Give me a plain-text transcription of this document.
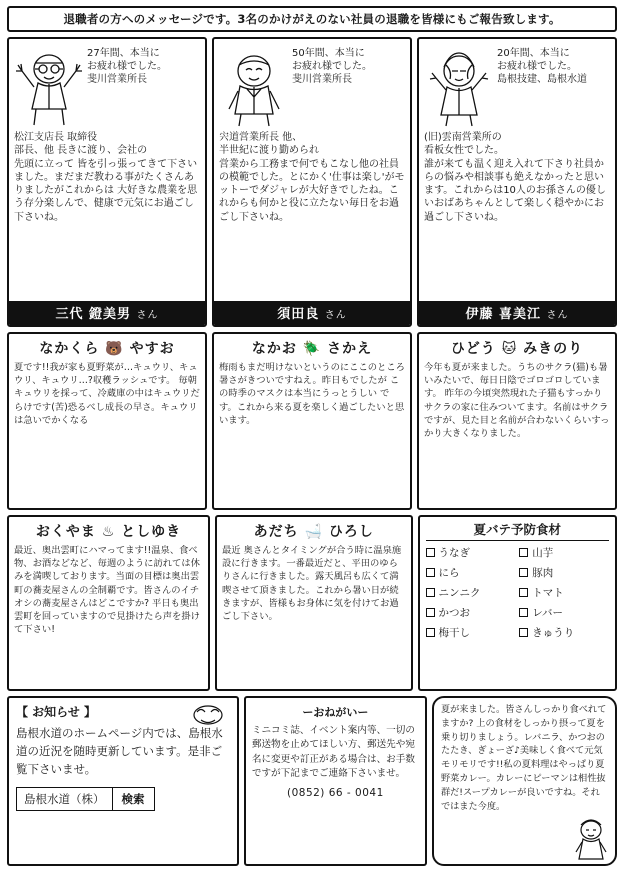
退職者の方へのメッセージです。3名のかけがえのない社員の退職を皆様にもご報告致します。
27年間、本当に
お疲れ様でした。
斐川営業所長
松江支店長 取締役
部長、他 長きに渡り、会社の
先頭に立って 皆を引っ張ってきて下さいました。まだまだ教わる事がたくさんありましたがこれからは 大好きな農業を思う存分楽しんで、健康で元気にお過ごし下さいね。
三代 鐙美男 さん
50年間、本当に
お疲れ様でした。
斐川営業所長
宍道営業所長 他、
半世紀に渡り勤められ
営業から工務まで何でもこなし他の社員の模範でした。とにかく'仕事は楽し'がモットーでダジャレが大好きでしたね。これからも何かと役に立たない毎日をお過ごし下さいね。
須田良 さん
20年間、本当に
お疲れ様でした。
島根技建、島根水道
(旧)雲南営業所の
看板女性でした。
誰が来ても温く迎え入れて下さり社員からの悩みや相談事も絶えなかったと思います。これからは10人のお孫さんの優しいおばあちゃんとして楽しく穏やかにお過ごし下さいね。
伊藤 喜美江 さん
なかくら 🐻 やすお
夏です!!我が家も夏野菜が…キュウリ、キュウリ、キュウリ…?収穫ラッシュです。 毎朝キュウリを採って、冷蔵庫の中はキュウリだらけです(苦)恐るべし成長の早さ。キュウリは急いでかくなる
なかお 🪲 さかえ
梅雨もまだ明けないというのにここのところ暑さがきついですねえ。昨日もでしたが この時季のマスクは本当にうっとうしい です。これから来る夏を楽しく過ごしたいと思います。
ひどう 🐱 みきのり
今年も夏が来ました。うちのサクラ(猫)も暑いみたいで、毎日日陰でゴロゴロしています。 昨年の今頃突然現れた子猫もすっかりサクラの家に住みついてます。名前はサクラですが、見た目と名前が合わないくらいすっかり大きくなりました。
おくやま ♨ としゆき
最近、奥出雲町にハマってます!!温泉、食べ物、お酒などなど、毎週のように訪れては休みを満喫しております。当面の目標は奥出雲町の蕎麦屋さんの全制覇です。皆さんのイチオシの蕎麦屋さんはどこですか? 平日も奥出雲町を回っていますので見掛けたら声を掛けて下さい!
あだち 🛁 ひろし
最近 奥さんとタイミングが合う時に温泉施設に行きます。一番最近だと、平田のゆらりさんに行きました。露天風呂も広くて満喫させて頂きました。これから暑い日が続きますが、皆様もお身体に気を付けてお過ごし下さい。
夏バテ予防食材
うなぎ	山芋
にら	豚肉
ニンニク	トマト
かつお	レバー
梅干し	きゅうり
【 お知らせ 】
島根水道のホームページ内では、島根水道の近況を随時更新しています。是非ご覧下さいませ。
島根水道（株）	検索
ーおねがいー
ミニコミ誌、イベント案内等、一切の郵送物を止めてほしい方、郵送先や宛名に変更や訂正がある場合は、お手数ですが下記までご連絡下さいませ。
(0852) 66 - 0041
夏が来ました。皆さんしっかり食べれてますか? 上の食材をしっかり摂って夏を乗り切りましょう。レバニラ、かつおのたたき、ぎょーざ♪美味しく食べて元気モリモリです!!私の夏料理はやっぱり夏野菜カレー。カレーにピーマンは相性抜群だ!スープカレーが良いですね。それではまた今度。
